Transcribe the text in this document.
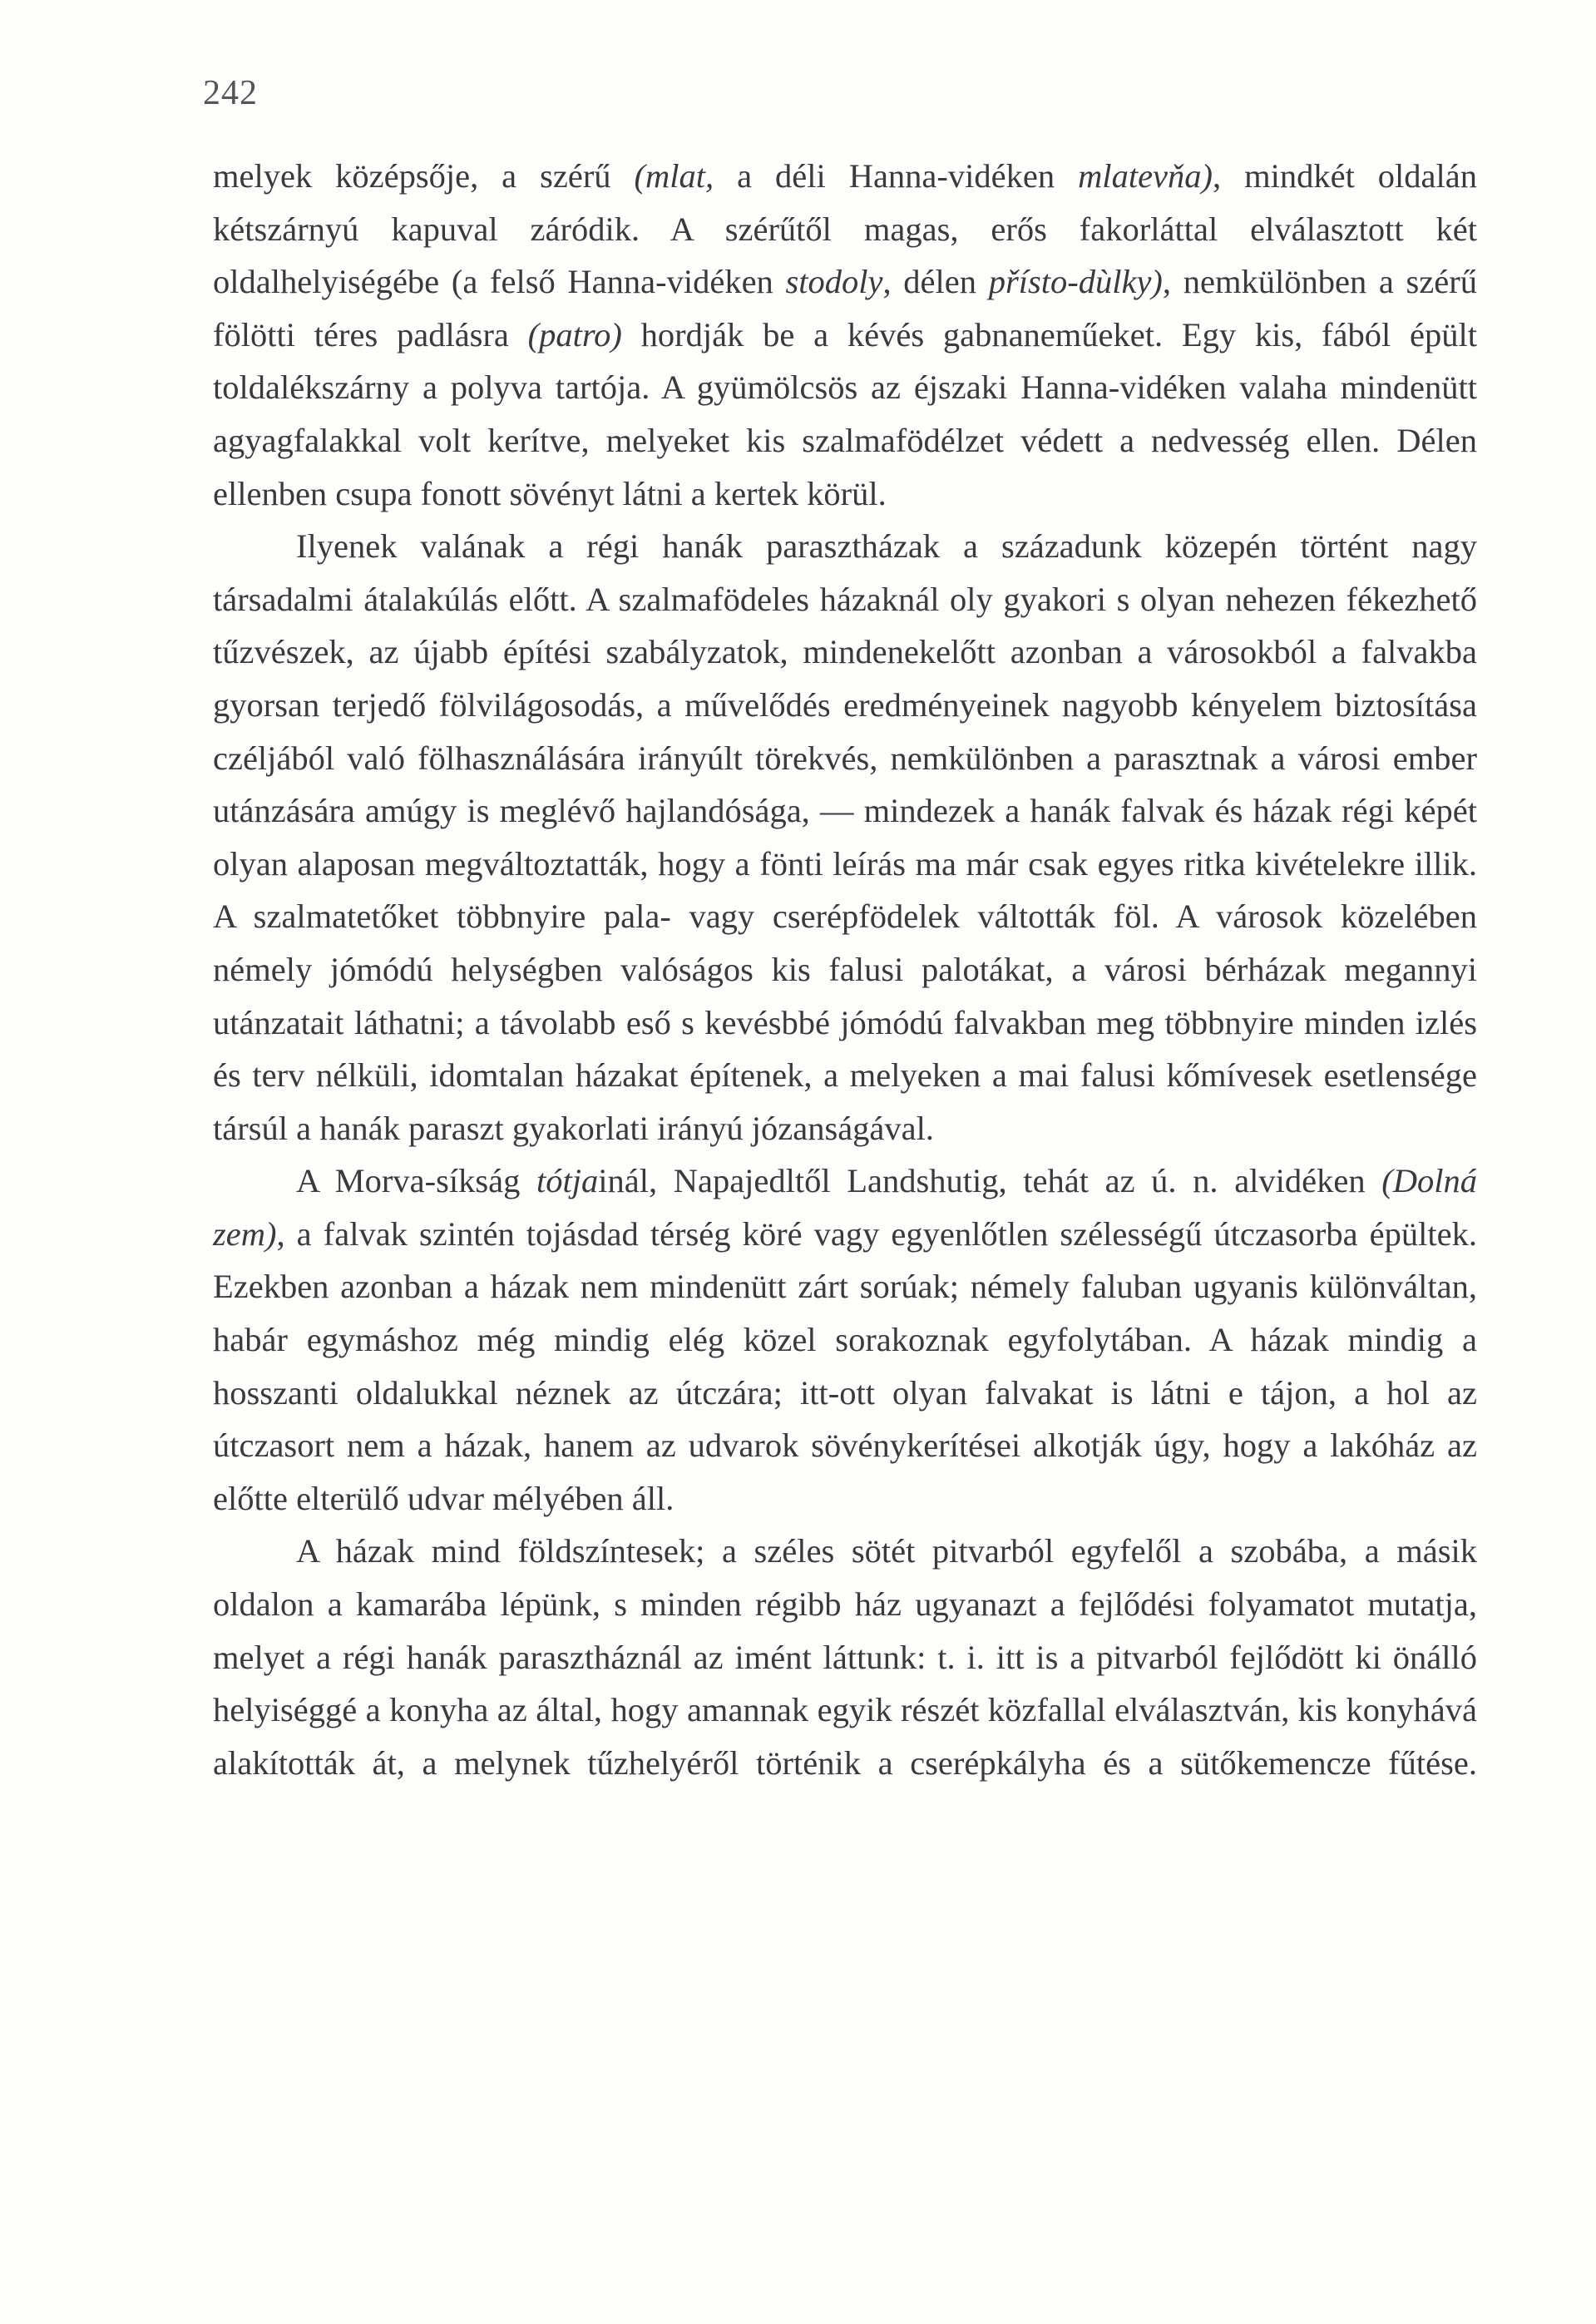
242

melyek középsője, a szérű (mlat, a déli Hanna-vidéken mlatevňa), mindkét oldalán kétszárnyú kapuval záródik. A szérűtől magas, erős fakorláttal elválasztott két oldalhelyiségébe (a felső Hanna-vidéken stodoly, délen přísto-dùlky), nemkülönben a szérű fölötti téres padlásra (patro) hordják be a kévés gabnaneműeket. Egy kis, fából épült toldalékszárny a polyva tartója. A gyümölcsös az éjszaki Hanna-vidéken valaha mindenütt agyagfalakkal volt kerítve, melyeket kis szalmafödélzet védett a nedvesség ellen. Délen ellenben csupa fonott sövényt látni a kertek körül.

Ilyenek valának a régi hanák parasztházak a századunk közepén történt nagy társadalmi átalakúlás előtt. A szalmafödeles házaknál oly gyakori s olyan nehezen fékezhető tűzvészek, az újabb építési szabályzatok, mindenekelőtt azonban a városokból a falvakba gyorsan terjedő fölvilágosodás, a művelődés eredményeinek nagyobb kényelem biztosítása czéljából való fölhasználására irányúlt törekvés, nemkülönben a parasztnak a városi ember utánzására amúgy is meglévő hajlandósága, — mindezek a hanák falvak és házak régi képét olyan alaposan megváltoztatták, hogy a fönti leírás ma már csak egyes ritka kivételekre illik. A szalmatetőket többnyire pala- vagy cserépfödelek váltották föl. A városok közelében némely jómódú helységben valóságos kis falusi palotákat, a városi bérházak megannyi utánzatait láthatni; a távolabb eső s kevésbbé jómódú falvakban meg többnyire minden izlés és terv nélküli, idomtalan házakat építenek, a melyeken a mai falusi kőmívesek esetlensége társúl a hanák paraszt gyakorlati irányú józanságával.

A Morva-síkság tótjainál, Napajedltől Landshutig, tehát az ú. n. alvidéken (Dolná zem), a falvak szintén tojásdad térség köré vagy egyenlőtlen szélességű útczasorba épültek. Ezekben azonban a házak nem mindenütt zárt sorúak; némely faluban ugyanis különváltan, habár egymáshoz még mindig elég közel sorakoznak egyfolytában. A házak mindig a hosszanti oldalukkal néznek az útczára; itt-ott olyan falvakat is látni e tájon, a hol az útczasort nem a házak, hanem az udvarok sövénykerítései alkotják úgy, hogy a lakóház az előtte elterülő udvar mélyében áll.

A házak mind földszíntesek; a széles sötét pitvarból egyfelől a szobába, a másik oldalon a kamarába lépünk, s minden régibb ház ugyanazt a fejlődési folyamatot mutatja, melyet a régi hanák parasztháznál az imént láttunk: t. i. itt is a pitvarból fejlődött ki önálló helyiséggé a konyha az által, hogy amannak egyik részét közfallal elválasztván, kis konyhává alakították át, a melynek tűzhelyéről történik a cserépkályha és a sütőkemencze fűtése.
